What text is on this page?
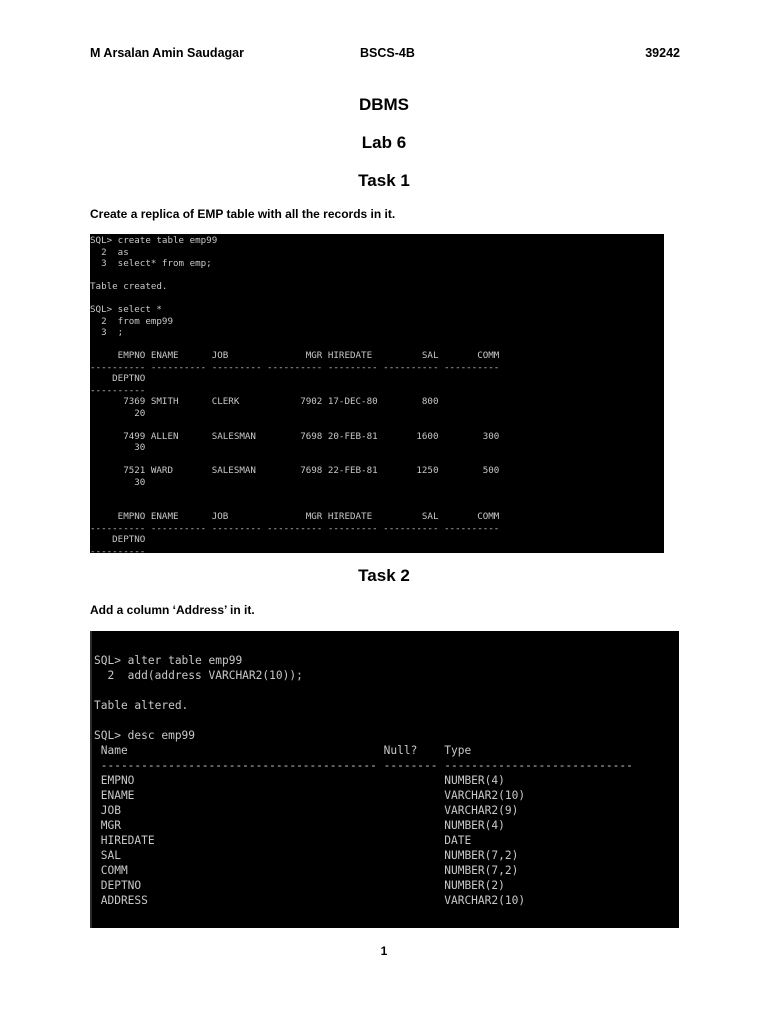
M Arsalan Amin Saudagar	BSCS-4B	39242
DBMS
Lab 6
Task 1
Create a replica of EMP table with all the records in it.
SQL> create table emp99
2  as
3  select* from emp;
Table created.
SQL> select *
2  from emp99
3  ;
EMPNO ENAME      JOB              MGR HIREDATE         SAL       COMM
---------- ---------- --------- ---------- --------- ---------- ----------
DEPTNO
----------
7369 SMITH      CLERK           7902 17-DEC-80        800
20
7499 ALLEN      SALESMAN        7698 20-FEB-81       1600        300
30
7521 WARD       SALESMAN        7698 22-FEB-81       1250        500
30
EMPNO ENAME      JOB              MGR HIREDATE         SAL       COMM
---------- ---------- --------- ---------- --------- ---------- ----------
DEPTNO
----------
Task 2
Add a column ‘Address’ in it.
SQL> alter table emp99
2  add(address VARCHAR2(10));
Table altered.
SQL> desc emp99
Name                                      Null?    Type
----------------------------------------- -------- ----------------------------
EMPNO                                              NUMBER(4)
ENAME                                              VARCHAR2(10)
JOB                                                VARCHAR2(9)
MGR                                                NUMBER(4)
HIREDATE                                           DATE
SAL                                                NUMBER(7,2)
COMM                                               NUMBER(7,2)
DEPTNO                                             NUMBER(2)
ADDRESS                                            VARCHAR2(10)
1
